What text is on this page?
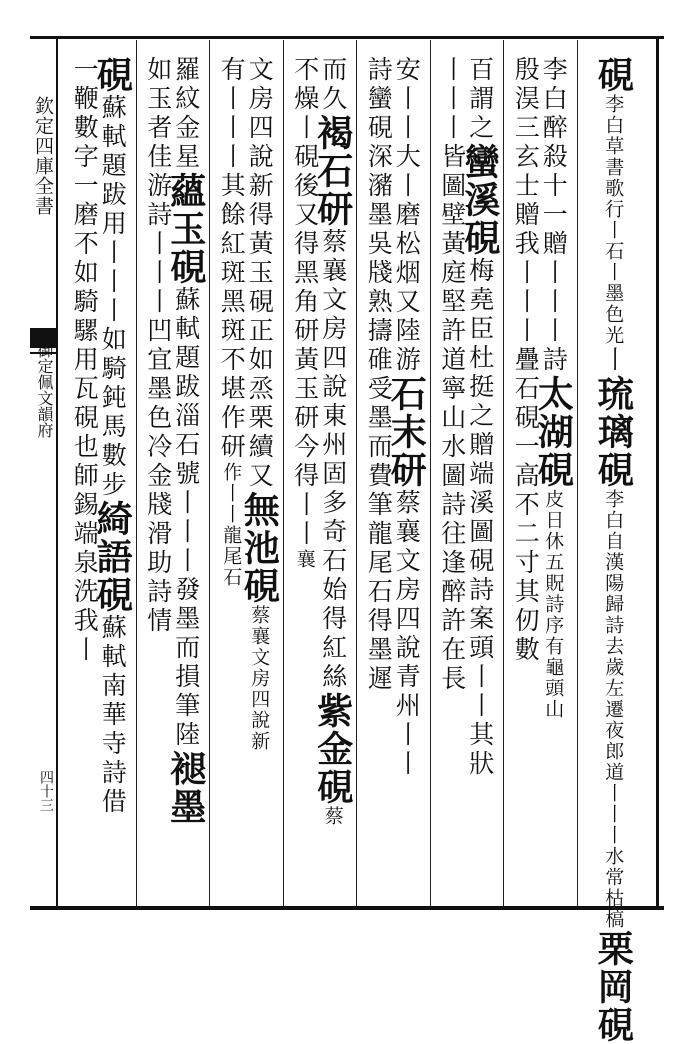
欽定四庫全書
御定佩文韻府
四十三
硯李白草書歌行丨石丨墨色光丨琉璃硯李白自漢陽歸詩去歲左遷夜郎道丨丨丨水常枯槁栗岡硯
李白醉殺十一贈丨丨丨詩太湖硯皮日休五貺詩序有龜頭山
殷淏三玄士贈我丨丨丨疊石硯一高不二寸其仞數
百謂之蠻溪硯梅堯臣杜挺之贈端溪圖硯詩案頭丨丨其狀
丨丨丨皆圖壁黃庭堅許道寧山水圖詩往逢醉許在長
安丨丨大丨磨松烟又陸游石末研蔡襄文房四說青州丨丨
詩蠻硯深瀦墨吳牋熟擣碓受墨而費筆龍尾石得墨遲
而久褐石研蔡襄文房四說東州固多奇石始得紅絲紫金硯蔡
不燥丨硯後又得黑角研黃玉研今得丨丨襄
文房四說新得黃玉硯正如烝栗續又無池硯蔡襄文房四說新
有丨丨丨其餘紅斑黑斑不堪作研作丨丨龍尾石
羅紋金星蘊玉硯蘇軾題跋淄石號丨丨丨發墨而損筆陸褪墨
如玉者佳游詩丨丨丨凹宜墨色冷金牋滑助詩情
硯蘇軾題跋用丨丨丨如騎鈍馬數步綺語硯蘇軾南華寺詩借
一鞭數字一磨不如騎騾用瓦硯也師錫端泉洗我丨
